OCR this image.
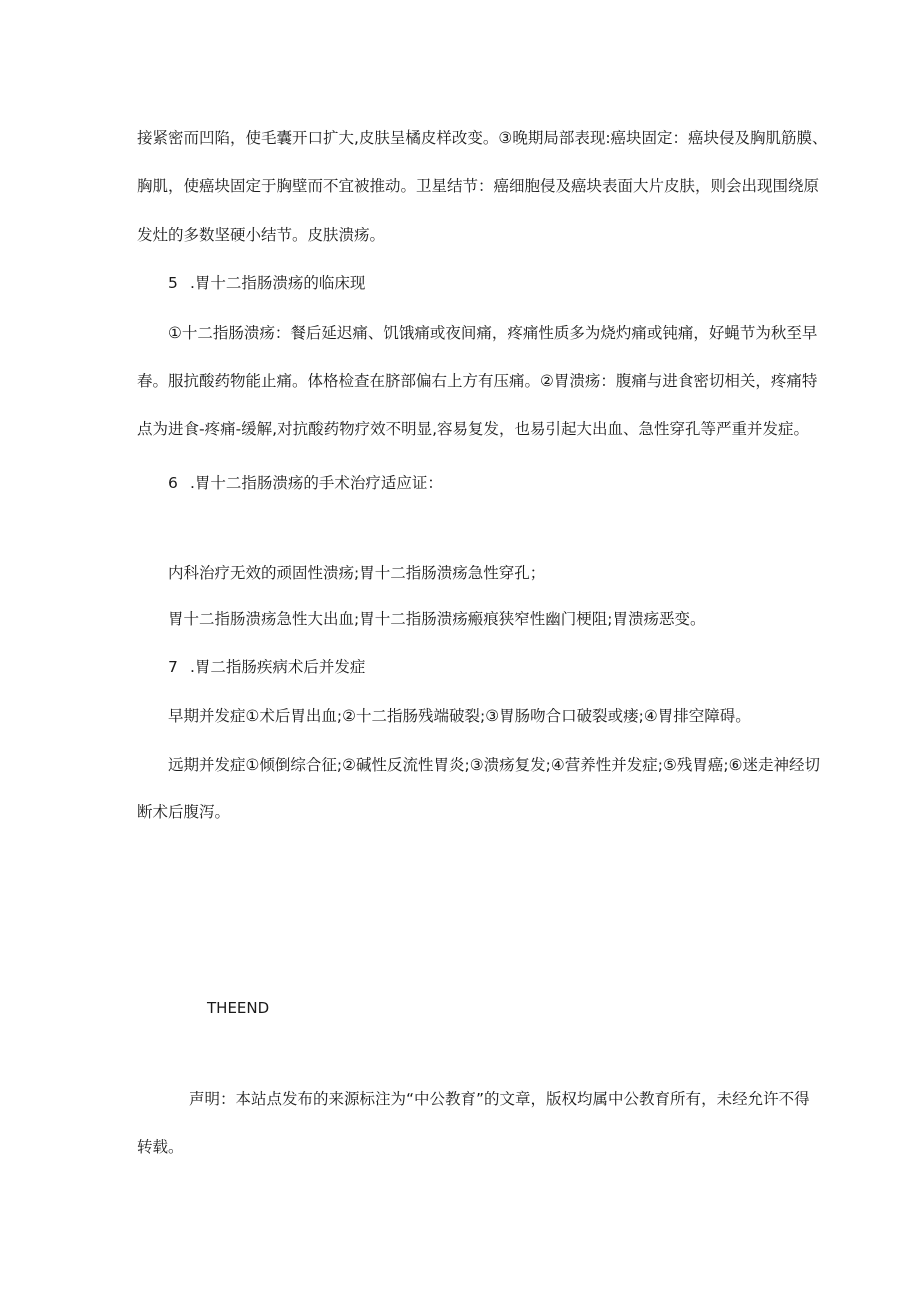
接紧密而凹陷，使毛囊开口扩大,皮肤呈橘皮样改变。③晚期局部表现:癌块固定：癌块侵及胸肌筋膜、
胸肌，使癌块固定于胸壁而不宜被推动。卫星结节：癌细胞侵及癌块表面大片皮肤，则会出现围绕原
发灶的多数坚硬小结节。皮肤溃疡。
5 .胃十二指肠溃疡的临床现
①十二指肠溃疡：餐后延迟痛、饥饿痛或夜间痛，疼痛性质多为烧灼痛或钝痛，好蝇节为秋至早
春。服抗酸药物能止痛。体格检查在脐部偏右上方有压痛。②胃溃疡：腹痛与进食密切相关，疼痛特
点为进食-疼痛-缓解,对抗酸药物疗效不明显,容易复发，也易引起大出血、急性穿孔等严重并发症。
6 .胃十二指肠溃疡的手术治疗适应证：
内科治疗无效的顽固性溃疡;胃十二指肠溃疡急性穿孔；
胃十二指肠溃疡急性大出血;胃十二指肠溃疡瘢痕狭窄性幽门梗阻;胃溃疡恶变。
7 .胃二指肠疾病术后并发症
早期并发症①术后胃出血;②十二指肠残端破裂;③胃肠吻合口破裂或瘘;④胃排空障碍。
远期并发症①倾倒综合征;②碱性反流性胃炎;③溃疡复发;④营养性并发症;⑤残胃癌;⑥迷走神经切
断术后腹泻。
THEEND
声明：本站点发布的来源标注为“中公教育”的文章，版权均属中公教育所有，未经允许不得
转载。
